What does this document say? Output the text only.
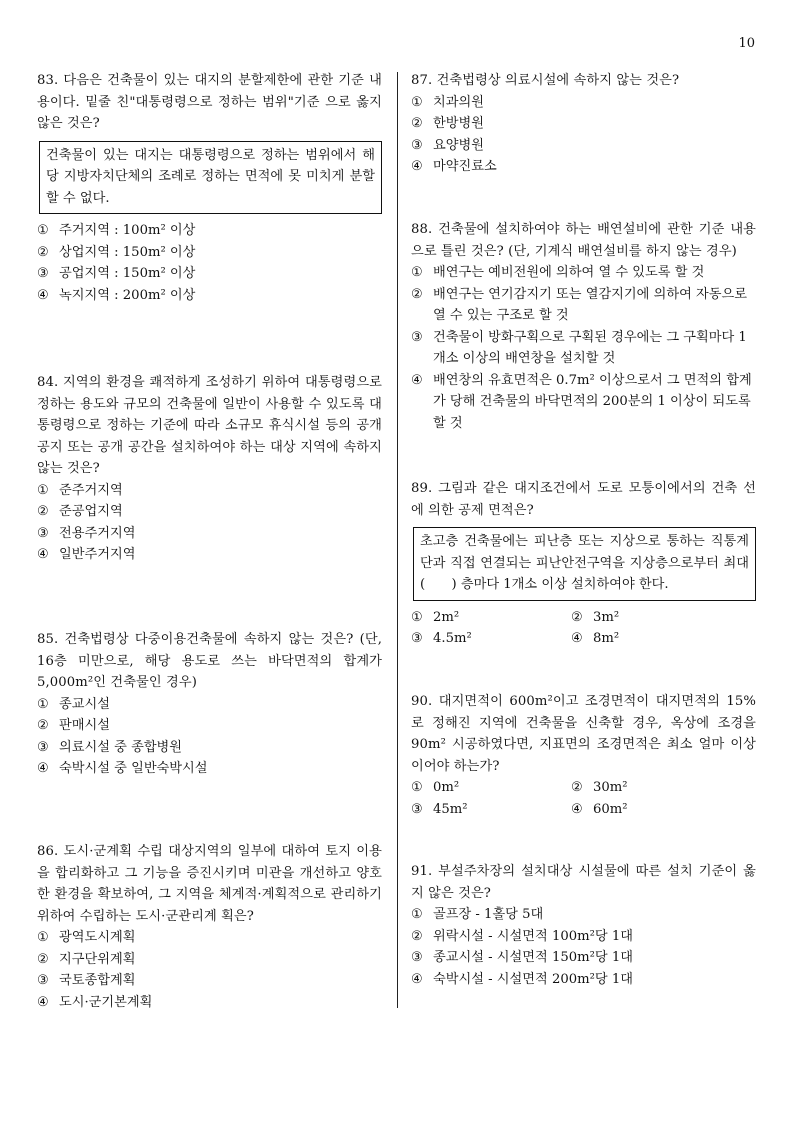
10
83. 다음은 건축물이 있는 대지의 분할제한에 관한 기준 내용이다. 밑줄 친"대통령령으로 정하는 범위"기준 으로 옳지 않은 것은?
건축물이 있는 대지는 대통령령으로 정하는 범위에서 해당 지방자치단체의 조례로 정하는 면적에 못 미치게 분할할 수 없다.
① 주거지역 : 100m² 이상
② 상업지역 : 150m² 이상
③ 공업지역 : 150m² 이상
④ 녹지지역 : 200m² 이상
84. 지역의 환경을 쾌적하게 조성하기 위하여 대통령령으로 정하는 용도와 규모의 건축물에 일반이 사용할 수 있도록 대통령령으로 정하는 기준에 따라 소규모 휴식시설 등의 공개 공지 또는 공개 공간을 설치하여야 하는 대상 지역에 속하지 않는 것은?
① 준주거지역
② 준공업지역
③ 전용주거지역
④ 일반주거지역
85. 건축법령상 다중이용건축물에 속하지 않는 것은? (단, 16층 미만으로, 해당 용도로 쓰는 바닥면적의 합계가 5,000m²인 건축물인 경우)
① 종교시설
② 판매시설
③ 의료시설 중 종합병원
④ 숙박시설 중 일반숙박시설
86. 도시·군계획 수립 대상지역의 일부에 대하여 토지 이용을 합리화하고 그 기능을 증진시키며 미관을 개선하고 양호한 환경을 확보하여, 그 지역을 체계적·계획적으로 관리하기 위하여 수립하는 도시·군관리계 획은?
① 광역도시계획
② 지구단위계획
③ 국토종합계획
④ 도시·군기본계획
87. 건축법령상 의료시설에 속하지 않는 것은?
① 치과의원
② 한방병원
③ 요양병원
④ 마약진료소
88. 건축물에 설치하여야 하는 배연설비에 관한 기준 내용으로 틀린 것은? (단, 기계식 배연설비를 하지 않는 경우)
① 배연구는 예비전원에 의하여 열 수 있도록 할 것
② 배연구는 연기감지기 또는 열감지기에 의하여 자동으로 열 수 있는 구조로 할 것
③ 건축물이 방화구획으로 구획된 경우에는 그 구획마다 1개소 이상의 배연창을 설치할 것
④ 배연창의 유효면적은 0.7m² 이상으로서 그 면적의 합계가 당해 건축물의 바닥면적의 200분의 1 이상이 되도록 할 것
89. 그림과 같은 대지조건에서 도로 모퉁이에서의 건축 선에 의한 공제 면적은?
초고층 건축물에는 피난층 또는 지상으로 통하는 직통계단과 직접 연결되는 피난안전구역을 지상층으로부터 최대 (　　) 층마다 1개소 이상 설치하여야 한다.
① 2m²	② 3m²
③ 4.5m²	④ 8m²
90. 대지면적이 600m²이고 조경면적이 대지면적의 15%로 정해진 지역에 건축물을 신축할 경우, 옥상에 조경을 90m² 시공하였다면, 지표면의 조경면적은 최소 얼마 이상이어야 하는가?
① 0m²	② 30m²
③ 45m²	④ 60m²
91. 부설주차장의 설치대상 시설물에 따른 설치 기준이 옳지 않은 것은?
① 골프장 - 1홀당 5대
② 위락시설 - 시설면적 100m²당 1대
③ 종교시설 - 시설면적 150m²당 1대
④ 숙박시설 - 시설면적 200m²당 1대
